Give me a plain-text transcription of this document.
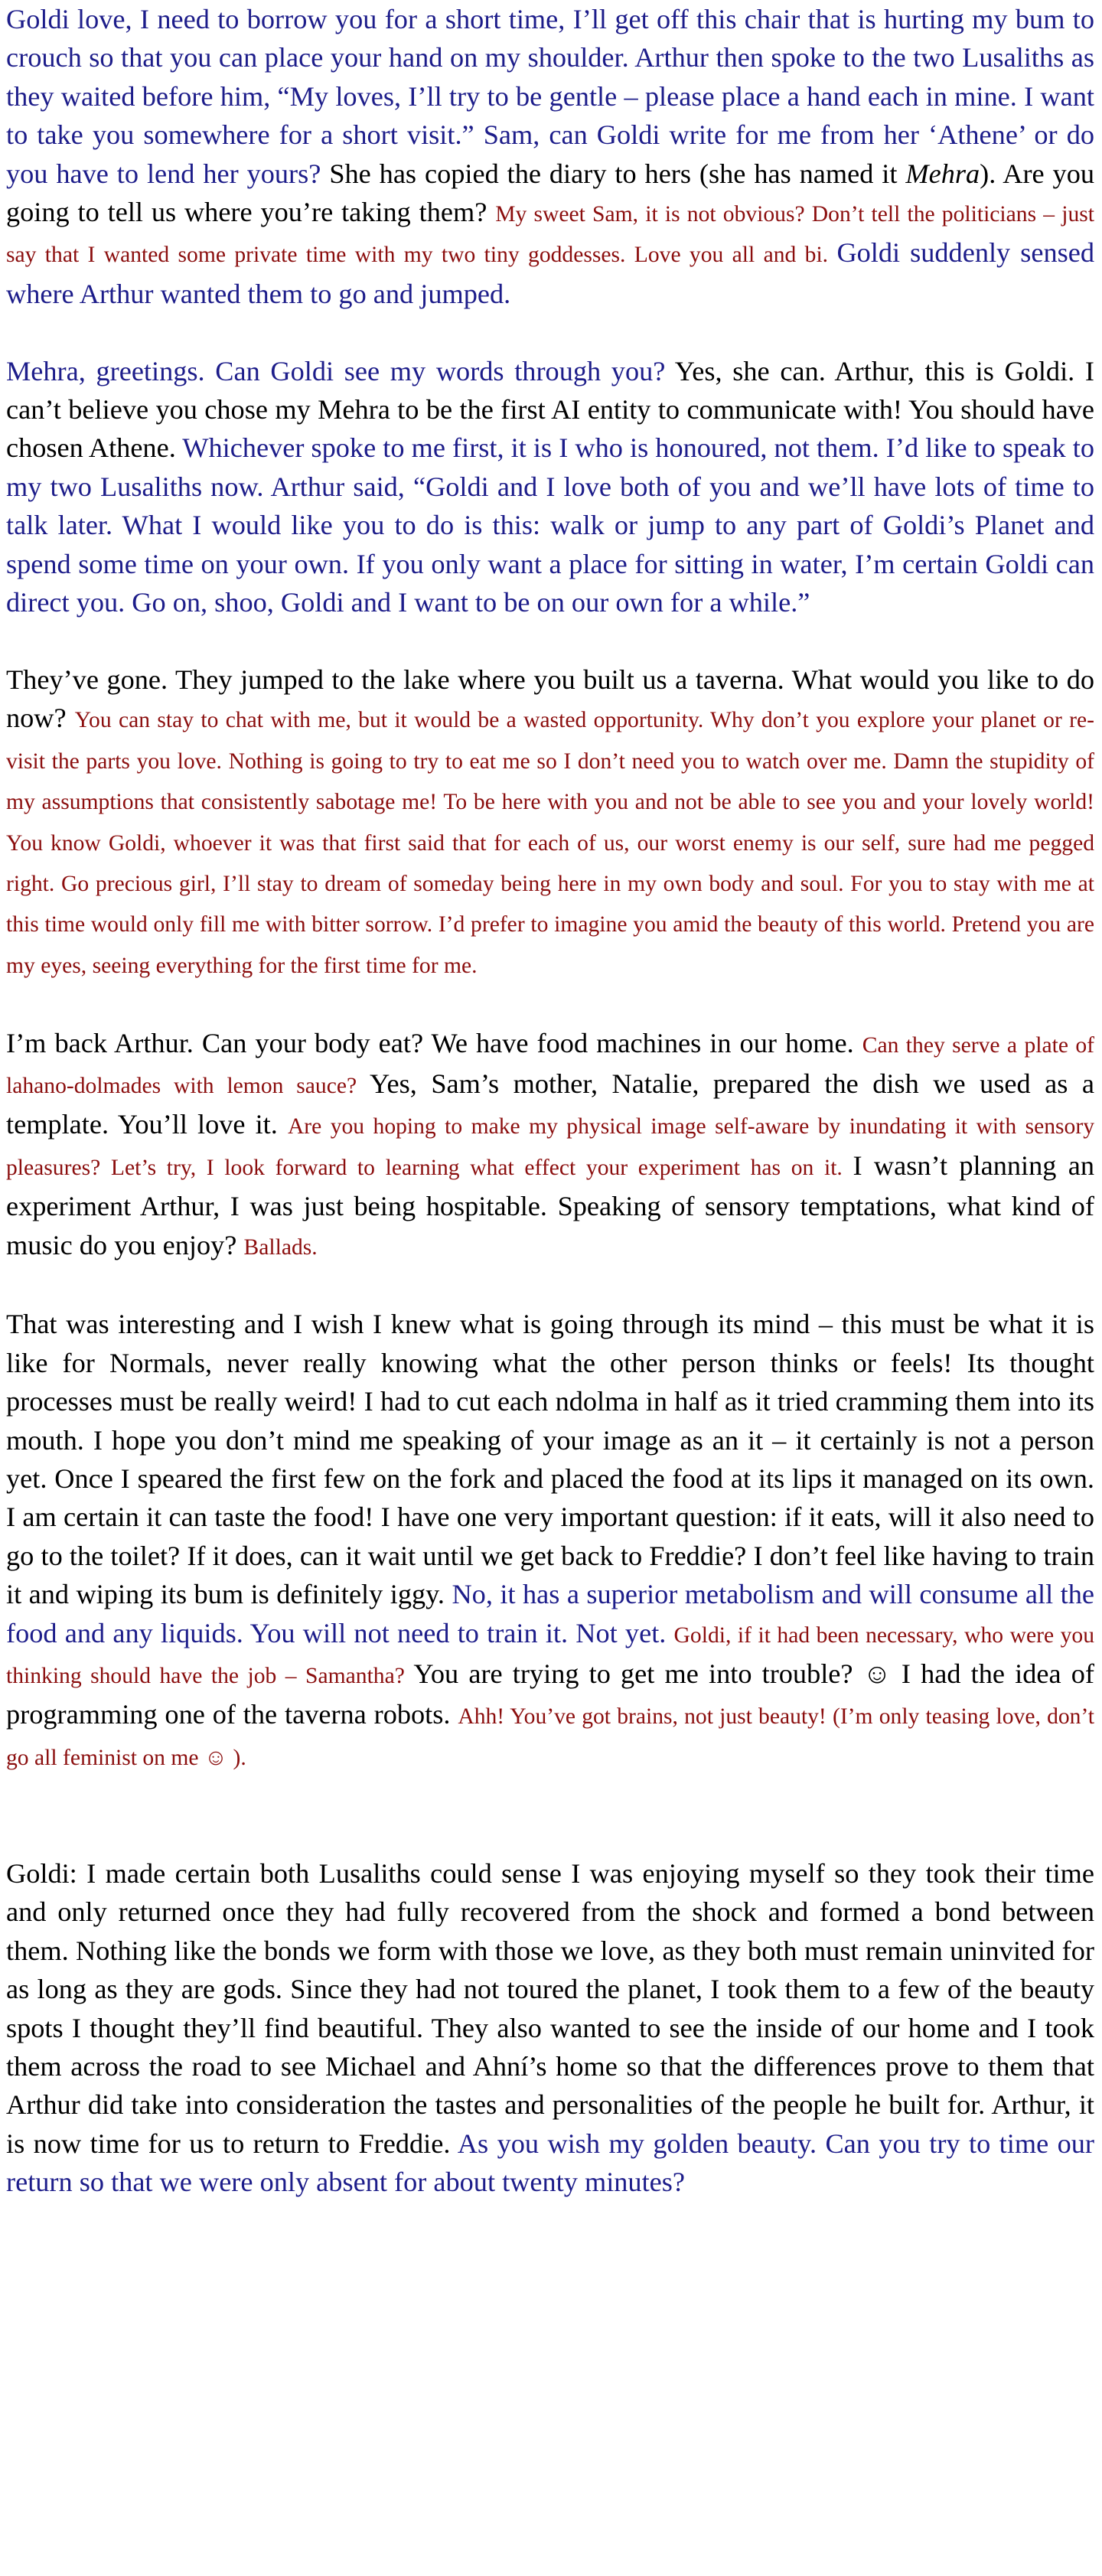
Goldi love, I need to borrow you for a short time, I’ll get off this chair that is hurting my bum to crouch so that you can place your hand on my shoulder. Arthur then spoke to the two Lusaliths as they waited before him, “My loves, I’ll try to be gentle – please place a hand each in mine. I want to take you somewhere for a short visit.” Sam, can Goldi write for me from her ‘Athene’ or do you have to lend her yours? She has copied the diary to hers (she has named it Mehra). Are you going to tell us where you’re taking them? My sweet Sam, it is not obvious? Don’t tell the politicians – just say that I wanted some private time with my two tiny goddesses. Love you all and bi. Goldi suddenly sensed where Arthur wanted them to go and jumped.

Mehra, greetings. Can Goldi see my words through you? Yes, she can. Arthur, this is Goldi. I can’t believe you chose my Mehra to be the first AI entity to communicate with! You should have chosen Athene. Whichever spoke to me first, it is I who is honoured, not them. I’d like to speak to my two Lusaliths now. Arthur said, “Goldi and I love both of you and we’ll have lots of time to talk later. What I would like you to do is this: walk or jump to any part of Goldi’s Planet and spend some time on your own. If you only want a place for sitting in water, I’m certain Goldi can direct you. Go on, shoo, Goldi and I want to be on our own for a while.”

They’ve gone. They jumped to the lake where you built us a taverna. What would you like to do now? You can stay to chat with me, but it would be a wasted opportunity. Why don’t you explore your planet or re-visit the parts you love. Nothing is going to try to eat me so I don’t need you to watch over me. Damn the stupidity of my assumptions that consistently sabotage me! To be here with you and not be able to see you and your lovely world! You know Goldi, whoever it was that first said that for each of us, our worst enemy is our self, sure had me pegged right. Go precious girl, I’ll stay to dream of someday being here in my own body and soul. For you to stay with me at this time would only fill me with bitter sorrow. I’d prefer to imagine you amid the beauty of this world. Pretend you are my eyes, seeing everything for the first time for me.

I’m back Arthur. Can your body eat? We have food machines in our home. Can they serve a plate of lahano-dolmades with lemon sauce? Yes, Sam’s mother, Natalie, prepared the dish we used as a template. You’ll love it. Are you hoping to make my physical image self-aware by inundating it with sensory pleasures? Let’s try, I look forward to learning what effect your experiment has on it. I wasn’t planning an experiment Arthur, I was just being hospitable. Speaking of sensory temptations, what kind of music do you enjoy? Ballads.

That was interesting and I wish I knew what is going through its mind – this must be what it is like for Normals, never really knowing what the other person thinks or feels! Its thought processes must be really weird! I had to cut each ndolma in half as it tried cramming them into its mouth. I hope you don’t mind me speaking of your image as an it – it certainly is not a person yet. Once I speared the first few on the fork and placed the food at its lips it managed on its own. I am certain it can taste the food! I have one very important question: if it eats, will it also need to go to the toilet? If it does, can it wait until we get back to Freddie? I don’t feel like having to train it and wiping its bum is definitely iggy. No, it has a superior metabolism and will consume all the food and any liquids. You will not need to train it. Not yet. Goldi, if it had been necessary, who were you thinking should have the job – Samantha? You are trying to get me into trouble? ☺ I had the idea of programming one of the taverna robots. Ahh! You’ve got brains, not just beauty! (I’m only teasing love, don’t go all feminist on me ☺ ).

Goldi: I made certain both Lusaliths could sense I was enjoying myself so they took their time and only returned once they had fully recovered from the shock and formed a bond between them. Nothing like the bonds we form with those we love, as they both must remain uninvited for as long as they are gods. Since they had not toured the planet, I took them to a few of the beauty spots I thought they’ll find beautiful. They also wanted to see the inside of our home and I took them across the road to see Michael and Ahní’s home so that the differences prove to them that Arthur did take into consideration the tastes and personalities of the people he built for. Arthur, it is now time for us to return to Freddie. As you wish my golden beauty. Can you try to time our return so that we were only absent for about twenty minutes?
